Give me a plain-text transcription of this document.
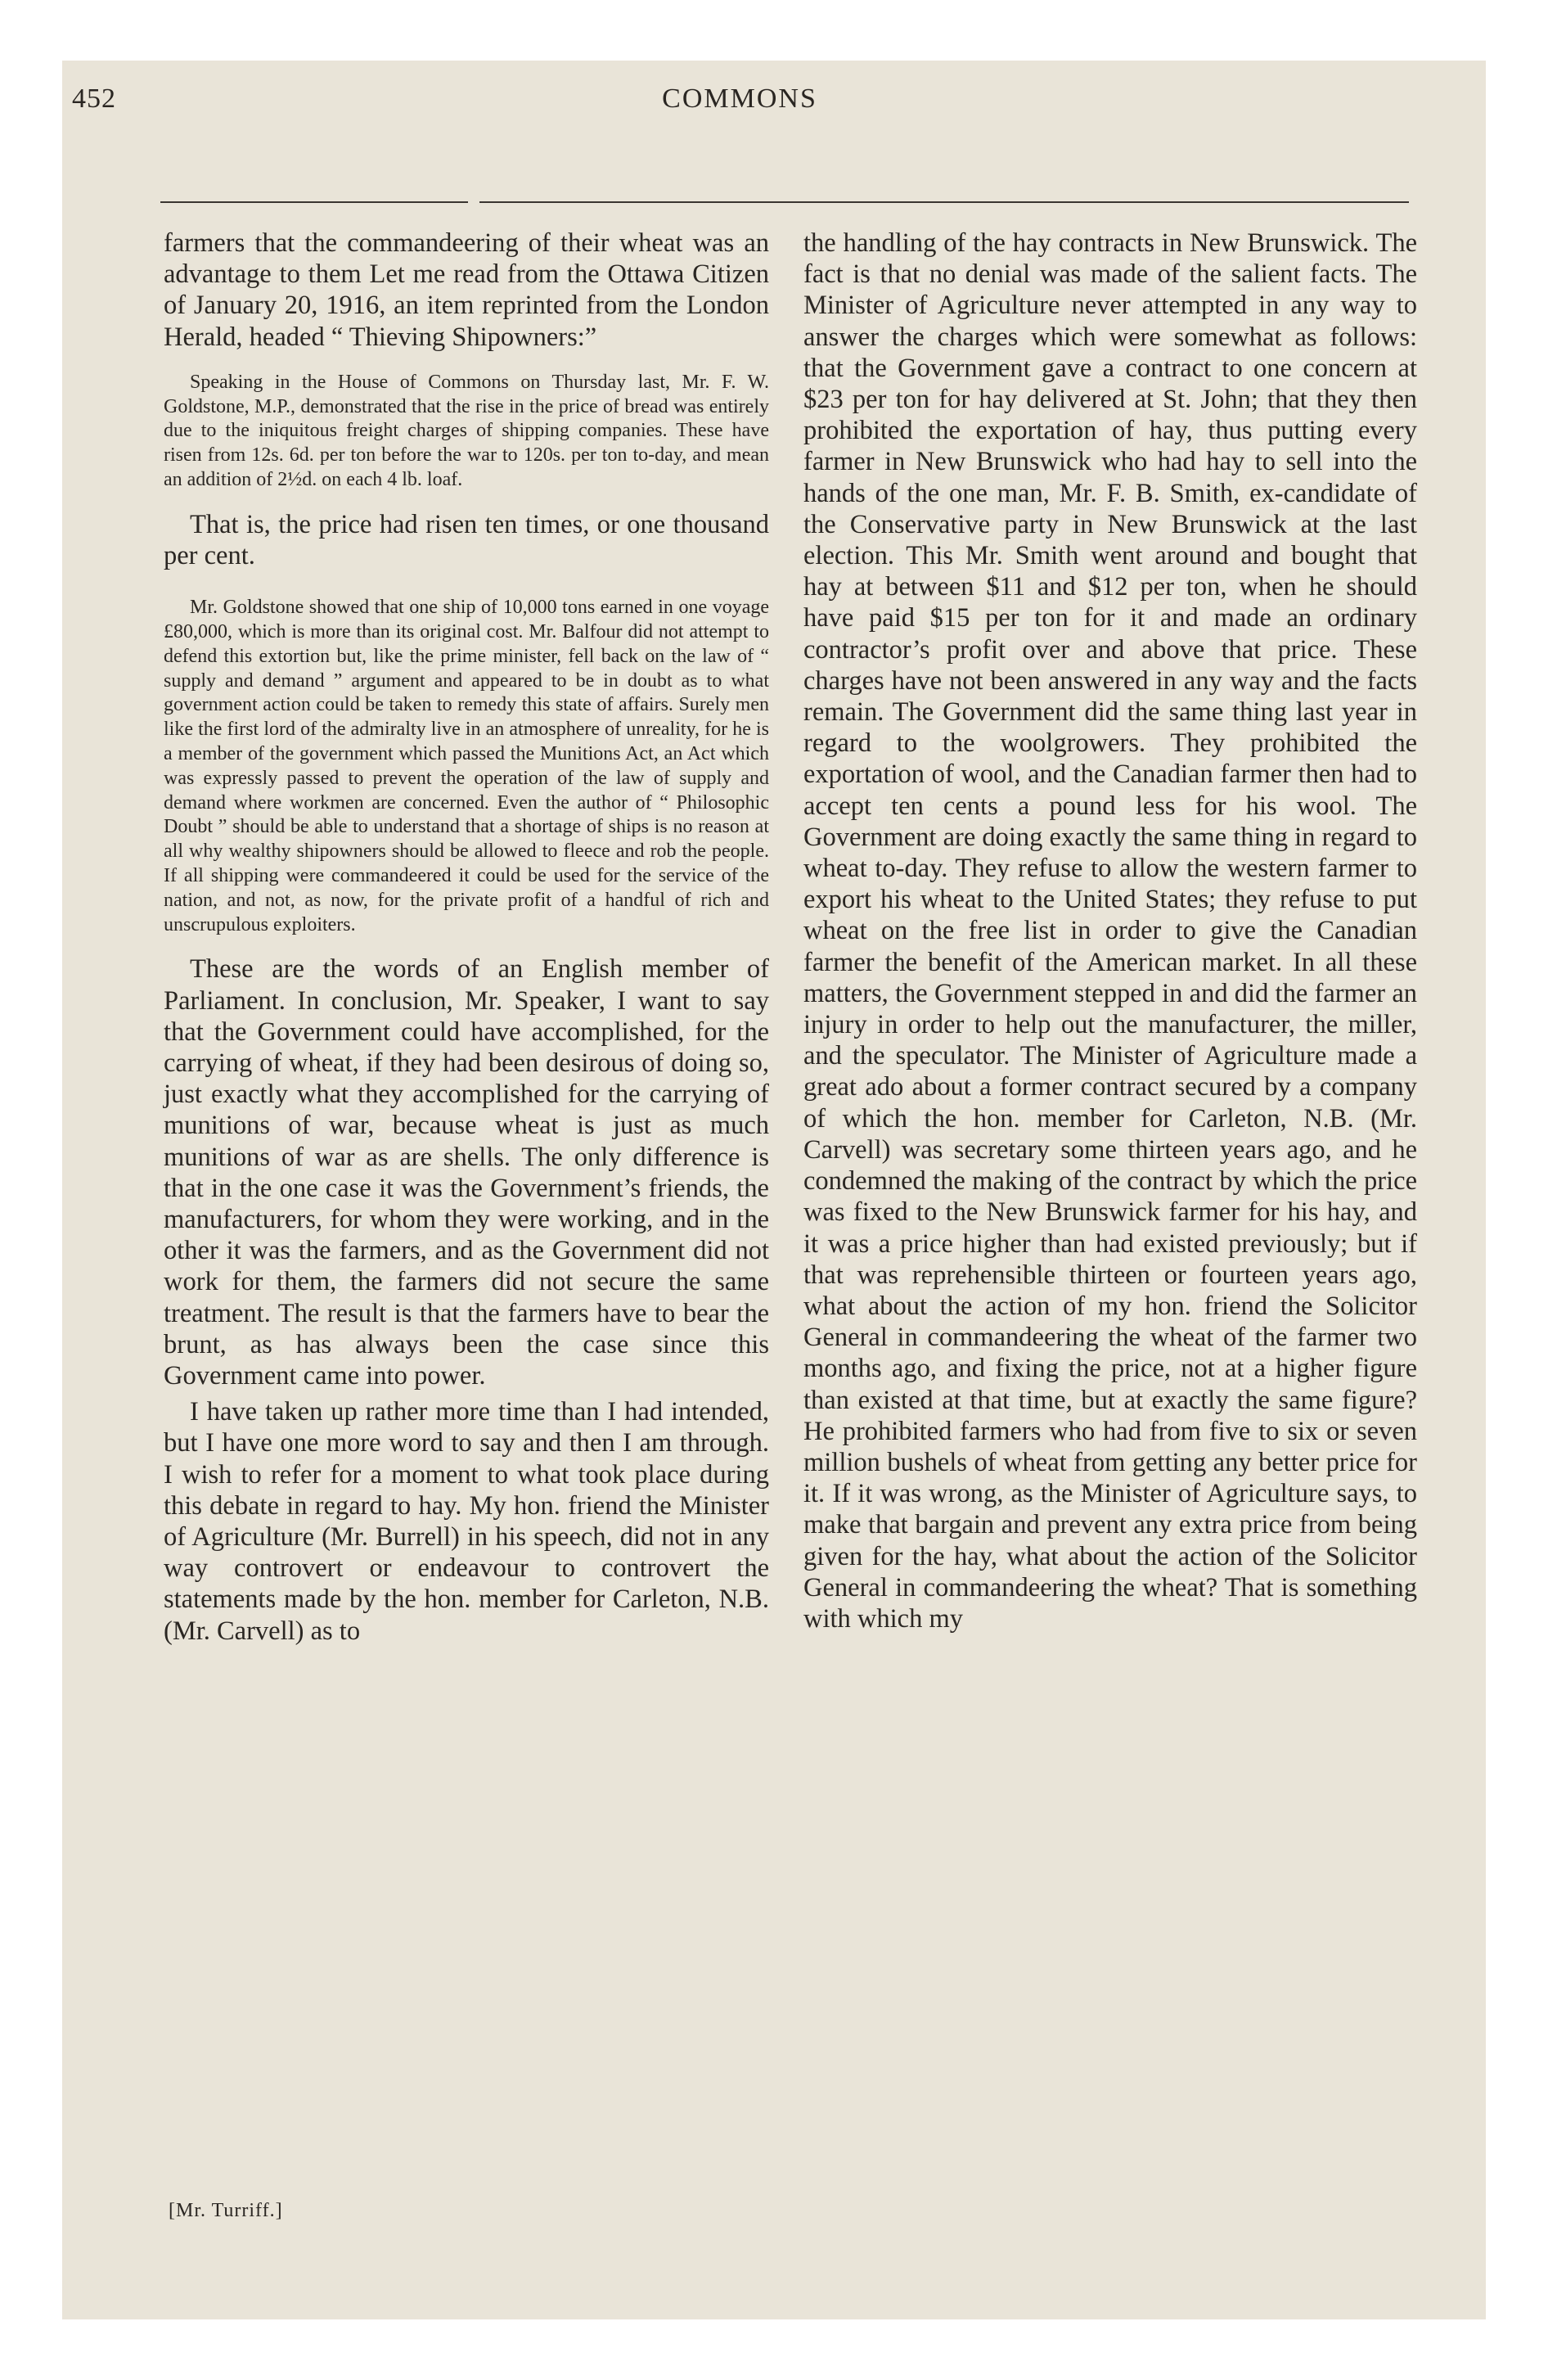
452	COMMONS

farmers that the commandeering of their wheat was an advantage to them Let me read from the Ottawa Citizen of January 20, 1916, an item reprinted from the London Herald, headed “ Thieving Shipowners:”

Speaking in the House of Commons on Thursday last, Mr. F. W. Goldstone, M.P., demonstrated that the rise in the price of bread was entirely due to the iniquitous freight charges of shipping companies. These have risen from 12s. 6d. per ton before the war to 120s. per ton to-day, and mean an addition of 2½d. on each 4 lb. loaf.

That is, the price had risen ten times, or one thousand per cent.

Mr. Goldstone showed that one ship of 10,000 tons earned in one voyage £80,000, which is more than its original cost. Mr. Balfour did not attempt to defend this extortion but, like the prime minister, fell back on the law of “ supply and demand ” argument and appeared to be in doubt as to what government action could be taken to remedy this state of affairs. Surely men like the first lord of the admiralty live in an atmosphere of unreality, for he is a member of the government which passed the Munitions Act, an Act which was expressly passed to prevent the operation of the law of supply and demand where workmen are concerned. Even the author of “ Philosophic Doubt ” should be able to understand that a shortage of ships is no reason at all why wealthy shipowners should be allowed to fleece and rob the people. If all shipping were commandeered it could be used for the service of the nation, and not, as now, for the private profit of a handful of rich and unscrupulous exploiters.

These are the words of an English member of Parliament. In conclusion, Mr. Speaker, I want to say that the Government could have accomplished, for the carrying of wheat, if they had been desirous of doing so, just exactly what they accomplished for the carrying of munitions of war, because wheat is just as much munitions of war as are shells. The only difference is that in the one case it was the Government’s friends, the manufacturers, for whom they were working, and in the other it was the farmers, and as the Government did not work for them, the farmers did not secure the same treatment. The result is that the farmers have to bear the brunt, as has always been the case since this Government came into power.

I have taken up rather more time than I had intended, but I have one more word to say and then I am through. I wish to refer for a moment to what took place during this debate in regard to hay. My hon. friend the Minister of Agriculture (Mr. Burrell) in his speech, did not in any way controvert or endeavour to controvert the statements made by the hon. member for Carleton, N.B. (Mr. Carvell) as to

the handling of the hay contracts in New Brunswick. The fact is that no denial was made of the salient facts. The Minister of Agriculture never attempted in any way to answer the charges which were somewhat as follows: that the Government gave a contract to one concern at $23 per ton for hay delivered at St. John; that they then prohibited the exportation of hay, thus putting every farmer in New Brunswick who had hay to sell into the hands of the one man, Mr. F. B. Smith, ex-candidate of the Conservative party in New Brunswick at the last election. This Mr. Smith went around and bought that hay at between $11 and $12 per ton, when he should have paid $15 per ton for it and made an ordinary contractor’s profit over and above that price. These charges have not been answered in any way and the facts remain. The Government did the same thing last year in regard to the woolgrowers. They prohibited the exportation of wool, and the Canadian farmer then had to accept ten cents a pound less for his wool. The Government are doing exactly the same thing in regard to wheat to-day. They refuse to allow the western farmer to export his wheat to the United States; they refuse to put wheat on the free list in order to give the Canadian farmer the benefit of the American market. In all these matters, the Government stepped in and did the farmer an injury in order to help out the manufacturer, the miller, and the speculator. The Minister of Agriculture made a great ado about a former contract secured by a company of which the hon. member for Carleton, N.B. (Mr. Carvell) was secretary some thirteen years ago, and he condemned the making of the contract by which the price was fixed to the New Brunswick farmer for his hay, and it was a price higher than had existed previously; but if that was reprehensible thirteen or fourteen years ago, what about the action of my hon. friend the Solicitor General in commandeering the wheat of the farmer two months ago, and fixing the price, not at a higher figure than existed at that time, but at exactly the same figure? He prohibited farmers who had from five to six or seven million bushels of wheat from getting any better price for it. If it was wrong, as the Minister of Agriculture says, to make that bargain and prevent any extra price from being given for the hay, what about the action of the Solicitor General in commandeering the wheat? That is something with which my

[Mr. Turriff.]
